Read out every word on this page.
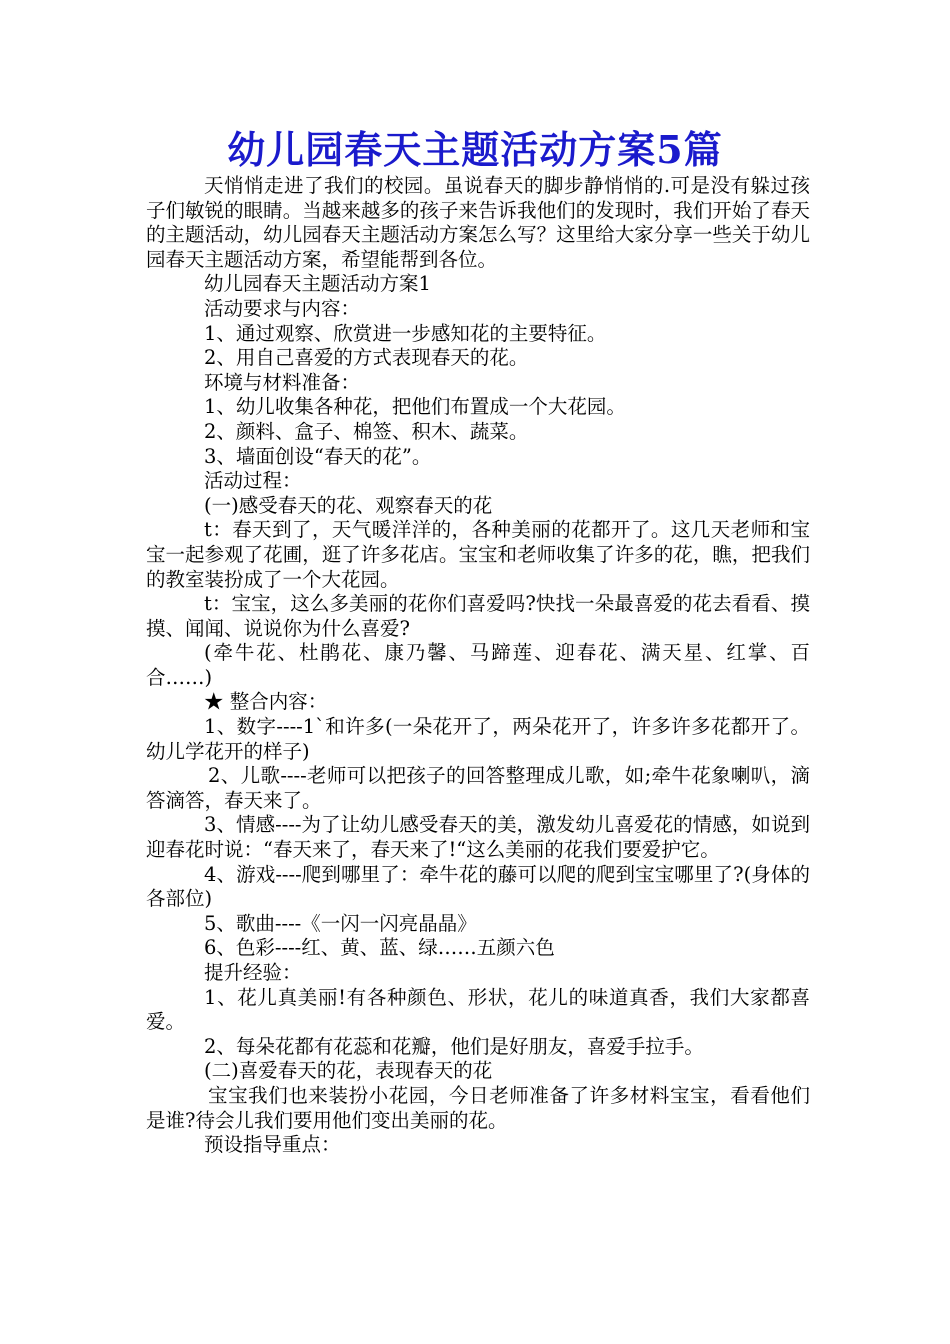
幼儿园春天主题活动方案5篇

天悄悄走进了我们的校园。虽说春天的脚步静悄悄的.可是没有躲过孩子们敏锐的眼睛。当越来越多的孩子来告诉我他们的发现时，我们开始了春天的主题活动，幼儿园春天主题活动方案怎么写？这里给大家分享一些关于幼儿园春天主题活动方案，希望能帮到各位。

幼儿园春天主题活动方案1

活动要求与内容：

1、通过观察、欣赏进一步感知花的主要特征。

2、用自己喜爱的方式表现春天的花。

环境与材料准备：

1、幼儿收集各种花，把他们布置成一个大花园。

2、颜料、盒子、棉签、积木、蔬菜。

3、墙面创设“春天的花”。

活动过程：

(一)感受春天的花、观察春天的花

t：春天到了，天气暖洋洋的，各种美丽的花都开了。这几天老师和宝宝一起参观了花圃，逛了许多花店。宝宝和老师收集了许多的花，瞧，把我们的教室装扮成了一个大花园。

t：宝宝，这么多美丽的花你们喜爱吗?快找一朵最喜爱的花去看看、摸摸、闻闻、说说你为什么喜爱?

(牵牛花、杜鹃花、康乃馨、马蹄莲、迎春花、满天星、红掌、百合……)

★ 整合内容：

1、数字----1`和许多(一朵花开了，两朵花开了，许多许多花都开了。幼儿学花开的样子)

2、儿歌----老师可以把孩子的回答整理成儿歌，如;牵牛花象喇叭，滴答滴答，春天来了。

3、情感----为了让幼儿感受春天的美，激发幼儿喜爱花的情感，如说到迎春花时说：“春天来了，春天来了!“这么美丽的花我们要爱护它。

4、游戏----爬到哪里了：牵牛花的藤可以爬的爬到宝宝哪里了?(身体的各部位)

5、歌曲----《一闪一闪亮晶晶》

6、色彩----红、黄、蓝、绿……五颜六色

提升经验：

1、花儿真美丽!有各种颜色、形状，花儿的味道真香，我们大家都喜爱。

2、每朵花都有花蕊和花瓣，他们是好朋友，喜爱手拉手。

(二)喜爱春天的花，表现春天的花

宝宝我们也来装扮小花园，今日老师准备了许多材料宝宝，看看他们是谁?待会儿我们要用他们变出美丽的花。

预设指导重点：
